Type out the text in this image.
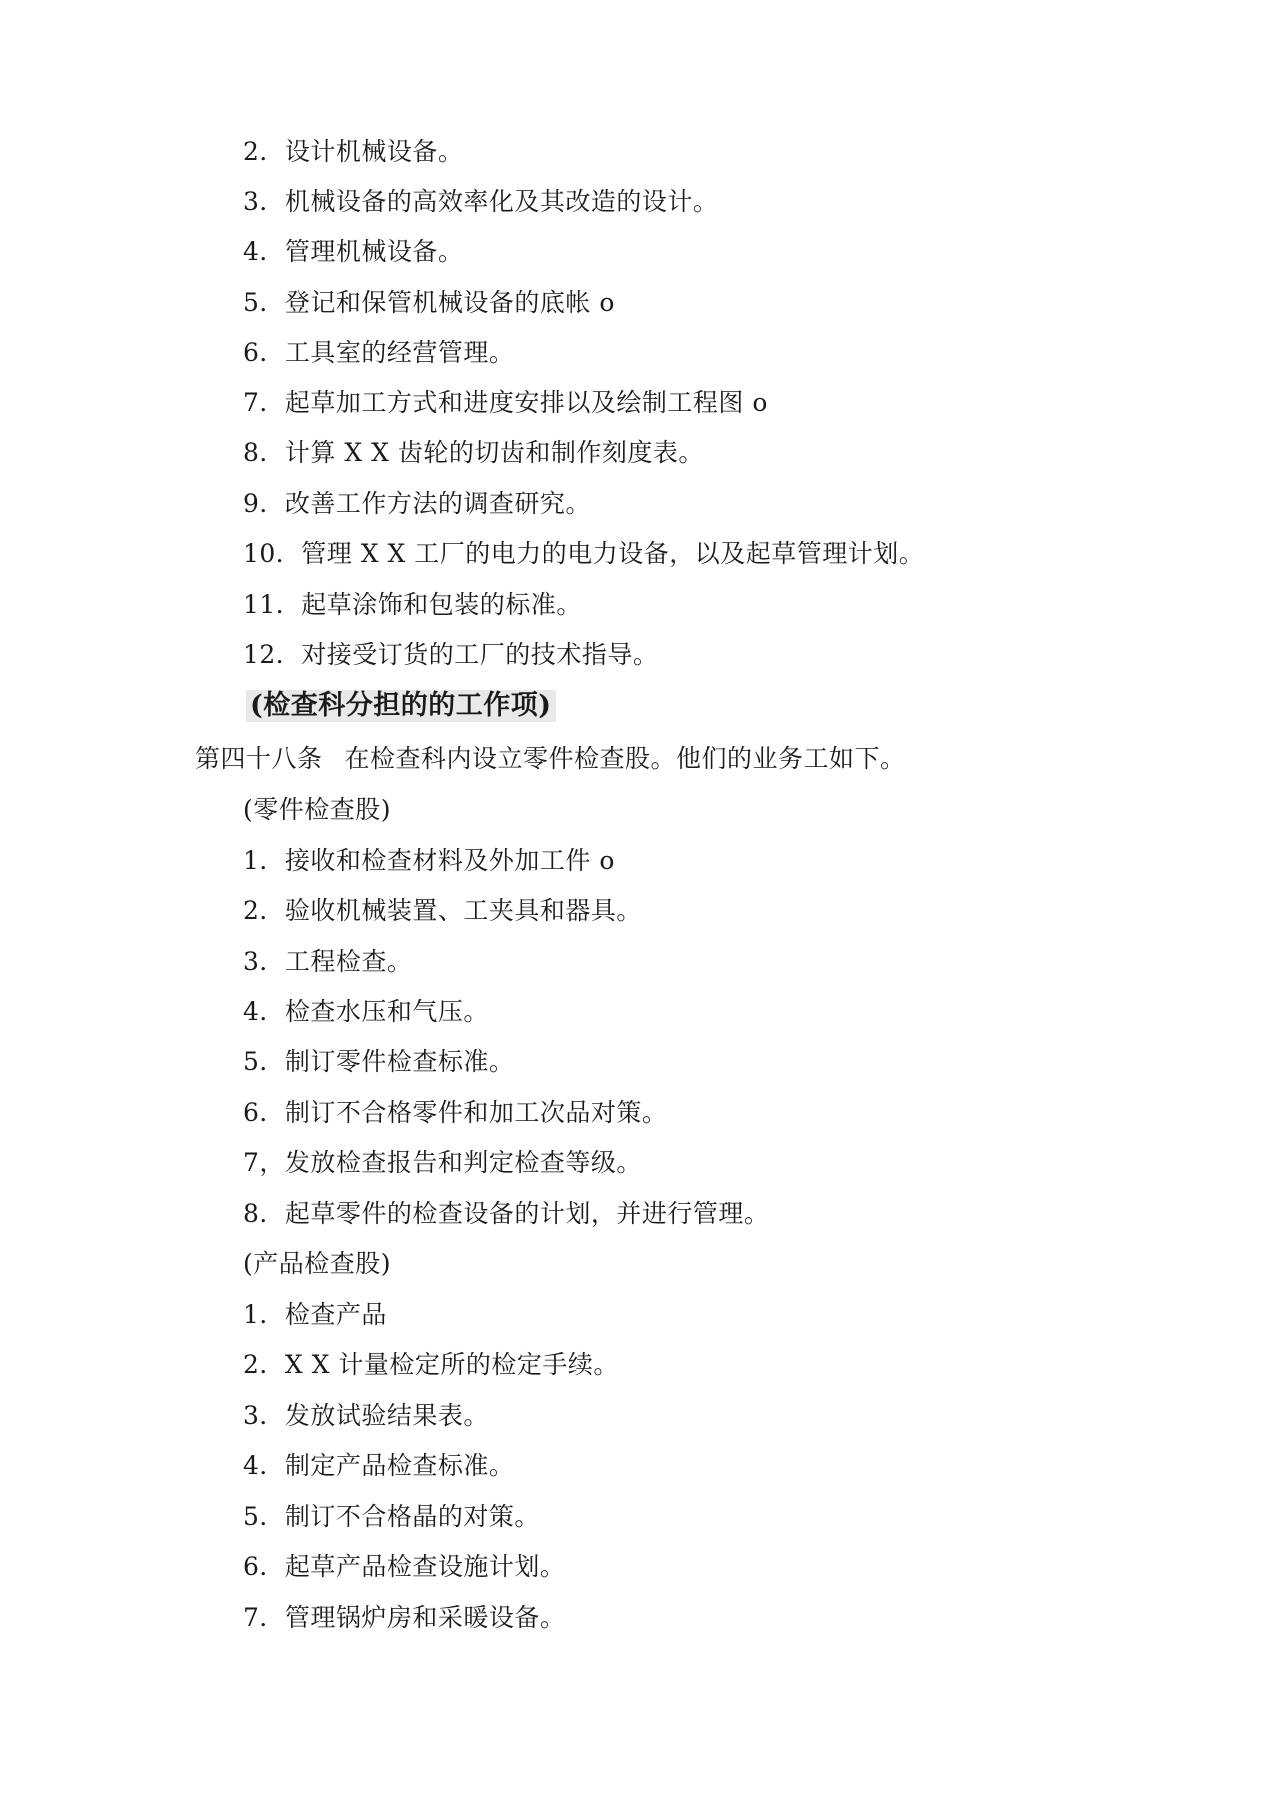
2．设计机械设备。
3．机械设备的高效率化及其改造的设计。
4．管理机械设备。
5．登记和保管机械设备的底帐 o
6．工具室的经营管理。
7．起草加工方式和进度安排以及绘制工程图 o
8．计算 X X 齿轮的切齿和制作刻度表。
9．改善工作方法的调查研究。
10．管理 X X 工厂的电力的电力设备，以及起草管理计划。
11．起草涂饰和包装的标准。
12．对接受订货的工厂的技术指导。
(检查科分担的的工作项)
第四十八条 在检查科内设立零件检查股。他们的业务工如下。
(零件检查股)
1．接收和检查材料及外加工件 o
2．验收机械装置、工夹具和器具。
3．工程检查。
4．检查水压和气压。
5．制订零件检查标准。
6．制订不合格零件和加工次品对策。
7，发放检查报告和判定检查等级。
8．起草零件的检查设备的计划，并进行管理。
(产品检查股)
1．检查产品
2．X X 计量检定所的检定手续。
3．发放试验结果表。
4．制定产品检查标准。
5．制订不合格晶的对策。
6．起草产品检查设施计划。
7．管理锅炉房和采暖设备。
